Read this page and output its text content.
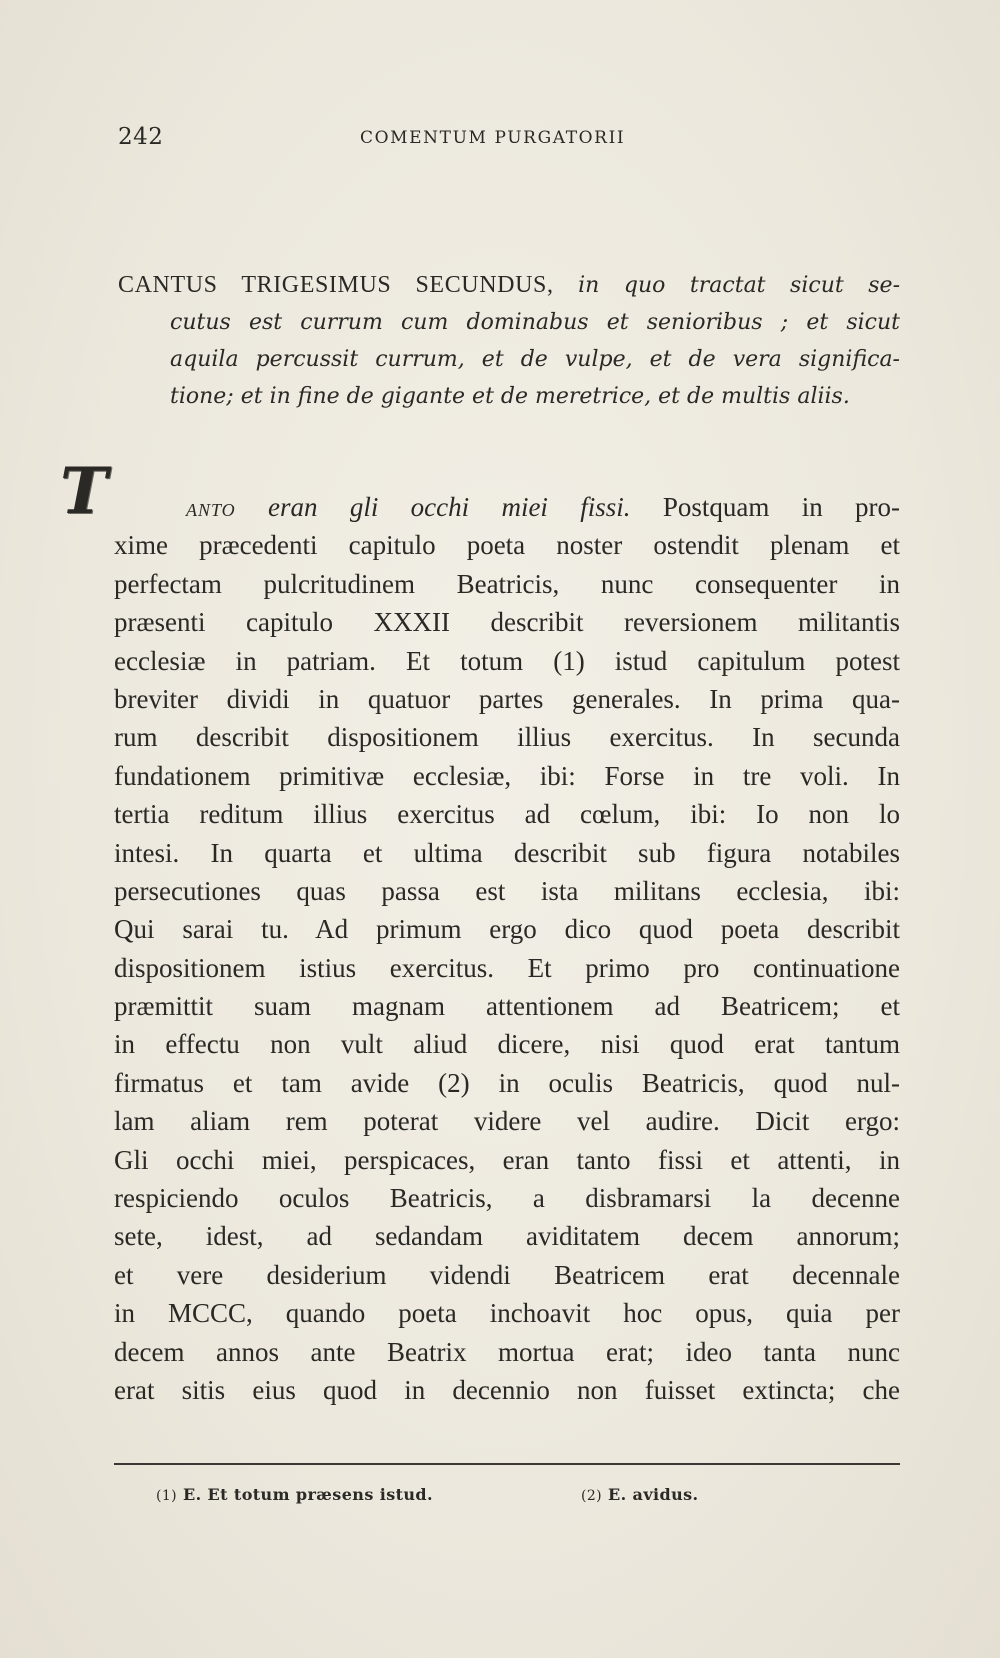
242	COMENTUM PURGATORII
CANTUS TRIGESIMUS SECUNDUS, in quo tractat sicut se-
cutus est currum cum dominabus et senioribus ; et sicut
aquila percussit currum, et de vulpe, et de vera significa-
tione; et in fine de gigante et de meretrice, et de multis aliis.
T	ANTO eran gli occhi miei fissi. Postquam in pro-
xime præcedenti capitulo poeta noster ostendit plenam et
perfectam pulcritudinem Beatricis, nunc consequenter in
præsenti capitulo XXXII describit reversionem militantis
ecclesiæ in patriam. Et totum (1) istud capitulum potest
breviter dividi in quatuor partes generales. In prima qua-
rum describit dispositionem illius exercitus. In secunda
fundationem primitivæ ecclesiæ, ibi: Forse in tre voli. In
tertia reditum illius exercitus ad cœlum, ibi: Io non lo
intesi. In quarta et ultima describit sub figura notabiles
persecutiones quas passa est ista militans ecclesia, ibi:
Qui sarai tu. Ad primum ergo dico quod poeta describit
dispositionem istius exercitus. Et primo pro continuatione
præmittit suam magnam attentionem ad Beatricem; et
in effectu non vult aliud dicere, nisi quod erat tantum
firmatus et tam avide (2) in oculis Beatricis, quod nul-
lam aliam rem poterat videre vel audire. Dicit ergo:
Gli occhi miei, perspicaces, eran tanto fissi et attenti, in
respiciendo oculos Beatricis, a disbramarsi la decenne
sete, idest, ad sedandam aviditatem decem annorum;
et vere desiderium videndi Beatricem erat decennale
in MCCC, quando poeta inchoavit hoc opus, quia per
decem annos ante Beatrix mortua erat; ideo tanta nunc
erat sitis eius quod in decennio non fuisset extincta; che
(1) E. Et totum præsens istud.	(2) E. avidus.
